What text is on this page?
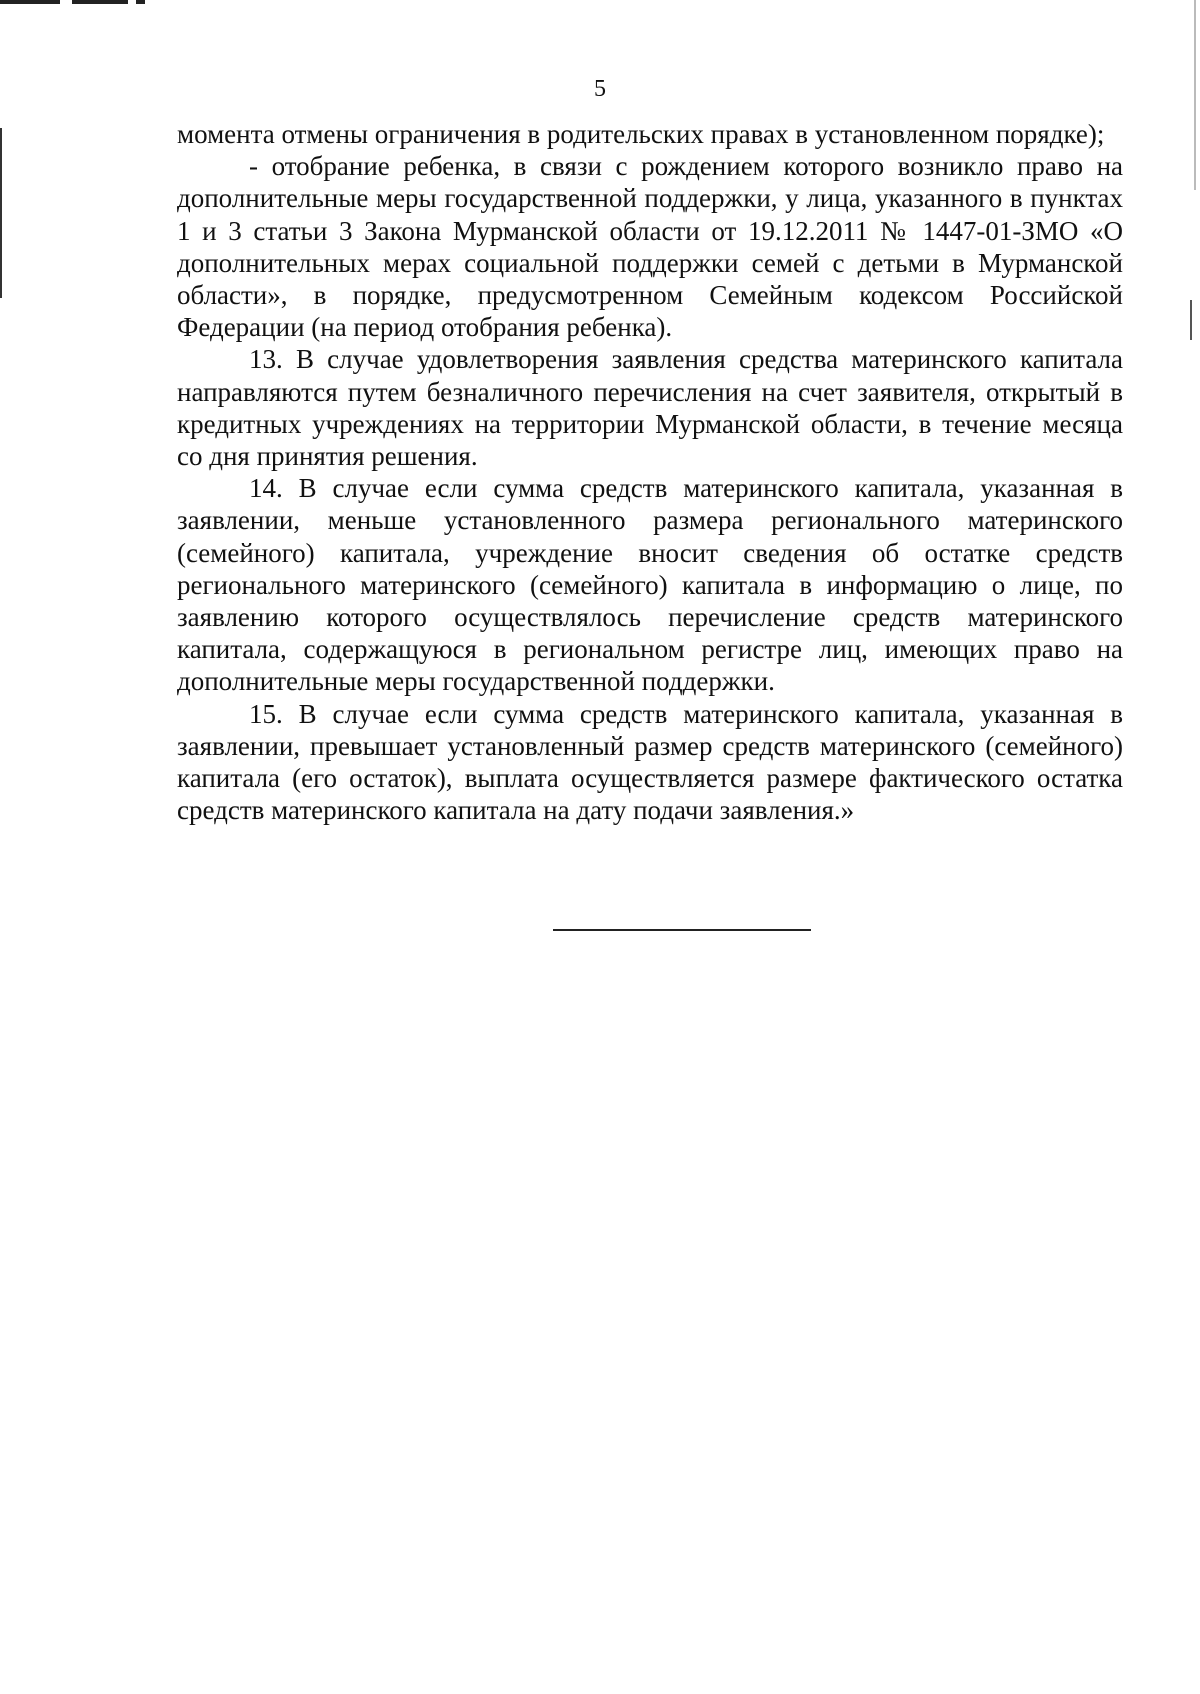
5

момента отмены ограничения в родительских правах в установленном порядке);

- отобрание ребенка, в связи с рождением которого возникло право на дополнительные меры государственной поддержки, у лица, указанного в пунктах 1 и 3 статьи 3 Закона Мурманской области от 19.12.2011 № 1447-01-ЗМО «О дополнительных мерах социальной поддержки семей с детьми в Мурманской области», в порядке, предусмотренном Семейным кодексом Российской Федерации (на период отобрания ребенка).

13. В случае удовлетворения заявления средства материнского капитала направляются путем безналичного перечисления на счет заявителя, открытый в кредитных учреждениях на территории Мурманской области, в течение месяца со дня принятия решения.

14. В случае если сумма средств материнского капитала, указанная в заявлении, меньше установленного размера регионального материнского (семейного) капитала, учреждение вносит сведения об остатке средств регионального материнского (семейного) капитала в информацию о лице, по заявлению которого осуществлялось перечисление средств материнского капитала, содержащуюся в региональном регистре лиц, имеющих право на дополнительные меры государственной поддержки.

15. В случае если сумма средств материнского капитала, указанная в заявлении, превышает установленный размер средств материнского (семейного) капитала (его остаток), выплата осуществляется размере фактического остатка средств материнского капитала на дату подачи заявления.»
